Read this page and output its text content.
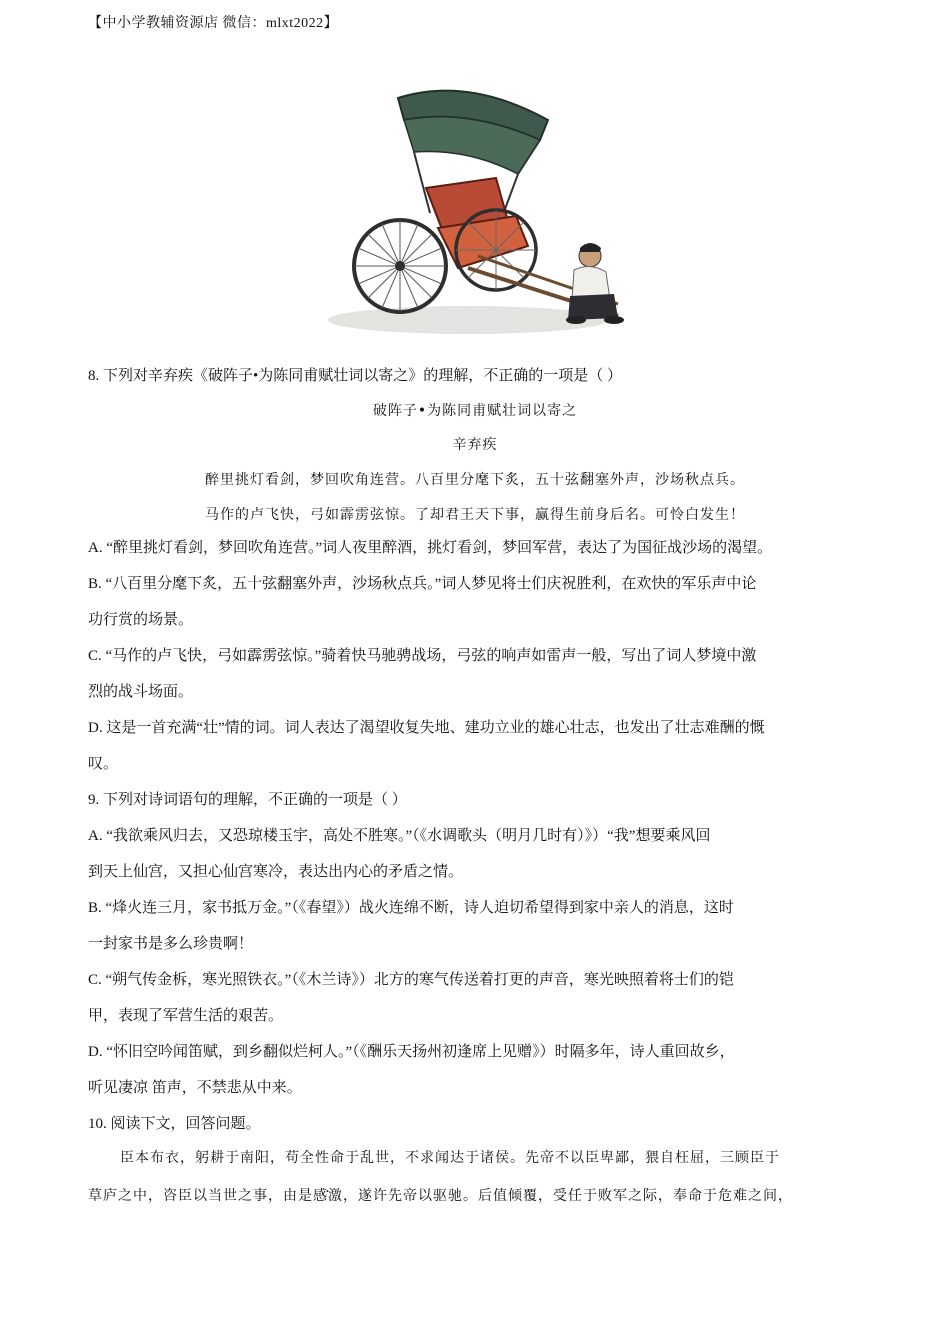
【中小学教辅资源店 微信：mlxt2022】
8. 下列对辛弃疾《破阵子•为陈同甫赋壮词以寄之》的理解，不正确的一项是（ ）
破阵子•为陈同甫赋壮词以寄之
辛弃疾
醉里挑灯看剑，梦回吹角连营。八百里分麾下炙，五十弦翻塞外声，沙场秋点兵。
马作的卢飞快，弓如霹雳弦惊。了却君王天下事，赢得生前身后名。可怜白发生！
A. “醉里挑灯看剑，梦回吹角连营。”词人夜里醉酒，挑灯看剑，梦回军营，表达了为国征战沙场的渴望。
B. “八百里分麾下炙，五十弦翻塞外声，沙场秋点兵。”词人梦见将士们庆祝胜利，在欢快的军乐声中论
功行赏的场景。
C. “马作的卢飞快，弓如霹雳弦惊。”骑着快马驰骋战场，弓弦的响声如雷声一般，写出了词人梦境中激
烈的战斗场面。
D. 这是一首充满“壮”情的词。词人表达了渴望收复失地、建功立业的雄心壮志，也发出了壮志难酬的慨
叹。
9. 下列对诗词语句的理解，不正确的一项是（ ）
A. “我欲乘风归去，又恐琼楼玉宇，高处不胜寒。”（《水调歌头（明月几时有）》）“我”想要乘风回
到天上仙宫，又担心仙宫寒冷，表达出内心的矛盾之情。
B. “烽火连三月，家书抵万金。”（《春望》）战火连绵不断，诗人迫切希望得到家中亲人的消息，这时
一封家书是多么珍贵啊！
C. “朔气传金柝，寒光照铁衣。”（《木兰诗》）北方的寒气传送着打更的声音，寒光映照着将士们的铠
甲，表现了军营生活的艰苦。
D. “怀旧空吟闻笛赋，到乡翻似烂柯人。”（《酬乐天扬州初逢席上见赠》）时隔多年，诗人重回故乡，
听见凄凉 笛声，不禁悲从中来。
10. 阅读下文，回答问题。
臣本布衣，躬耕于南阳，苟全性命于乱世，不求闻达于诸侯。先帝不以臣卑鄙，猥自枉屈，三顾臣于
草庐之中，咨臣以当世之事，由是感激，遂许先帝以驱驰。后值倾覆，受任于败军之际，奉命于危难之间，
